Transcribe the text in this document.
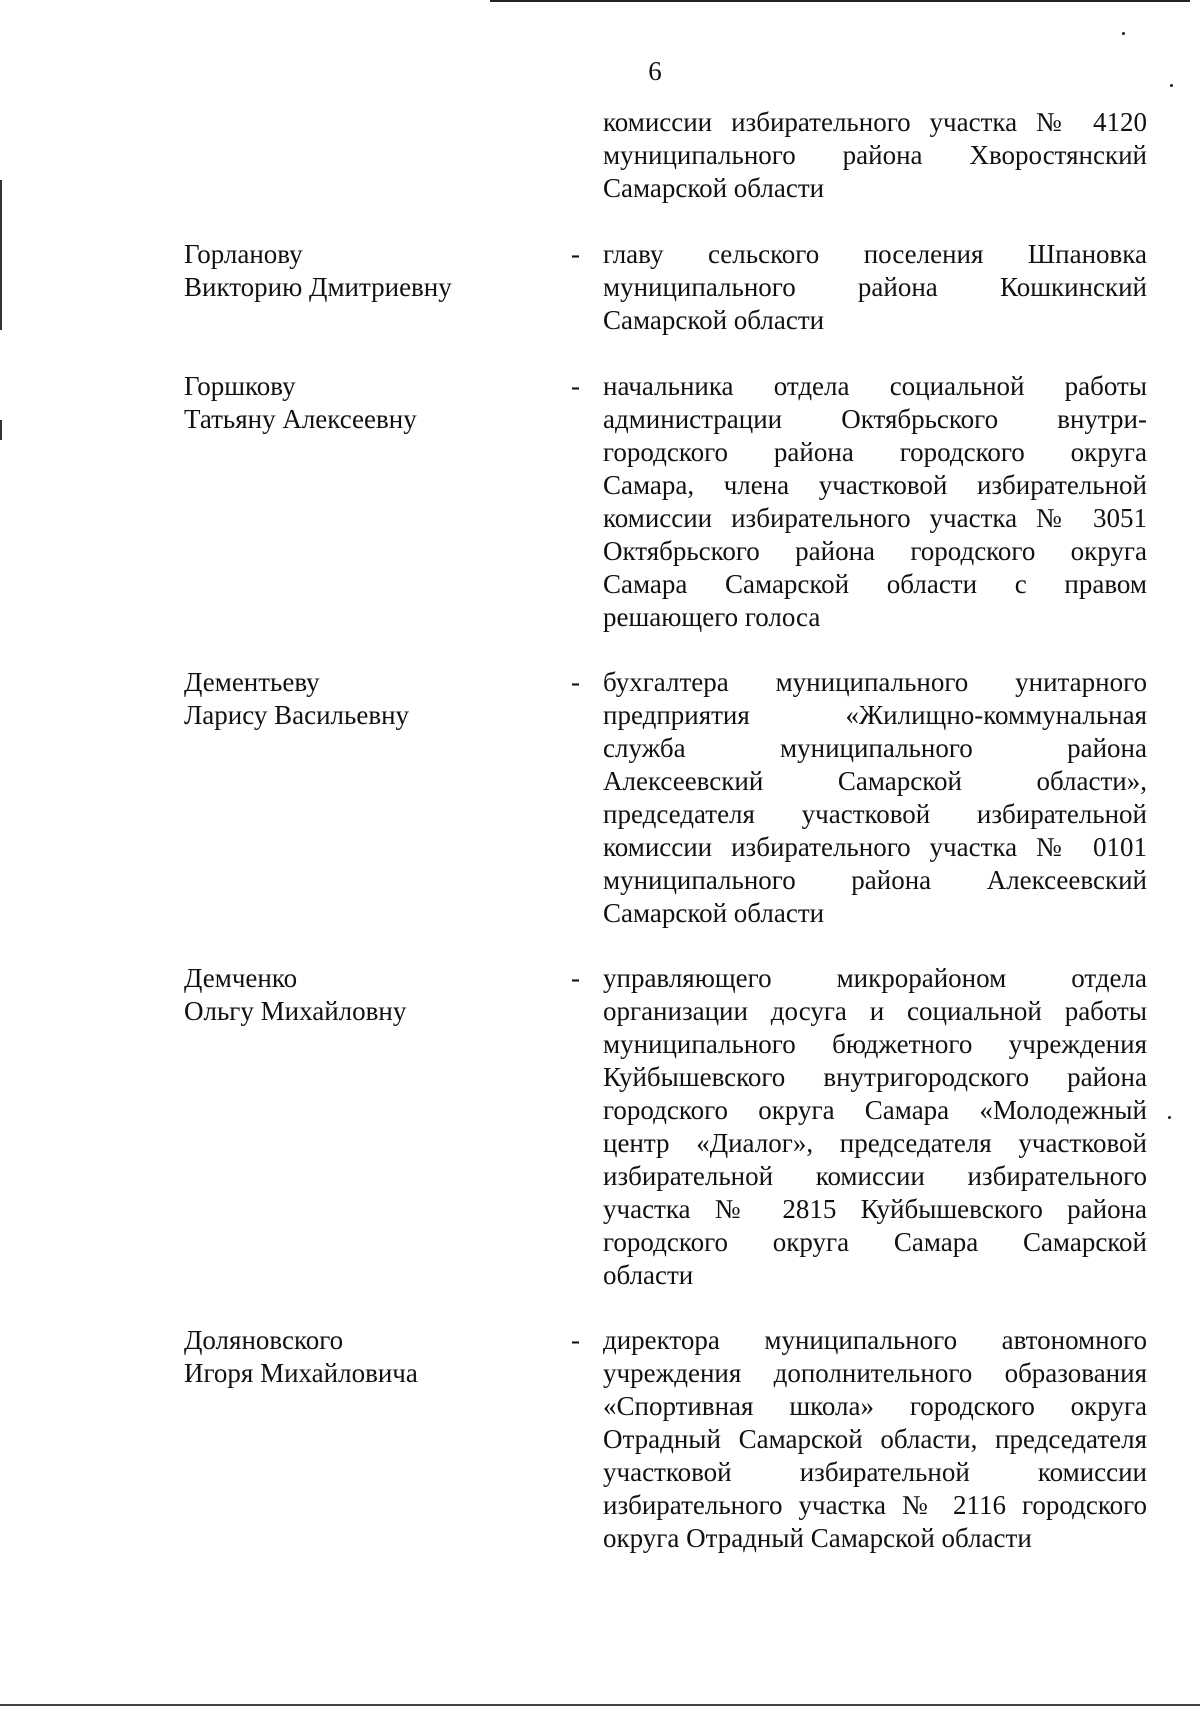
6
комиссии избирательного участка № 4120
муниципального района Хворостянский
Самарской области
Горланову
Викторию Дмитриевну
- главу сельского поселения Шпановка
муниципального района Кошкинский
Самарской области
Горшкову
Татьяну Алексеевну
- начальника отдела социальной работы
администрации Октябрьского внутри-
городского района городского округа
Самара, члена участковой избирательной
комиссии избирательного участка № 3051
Октябрьского района городского округа
Самара Самарской области с правом
решающего голоса
Дементьеву
Ларису Васильевну
- бухгалтера муниципального унитарного
предприятия «Жилищно-коммунальная
служба муниципального района
Алексеевский Самарской области»,
председателя участковой избирательной
комиссии избирательного участка № 0101
муниципального района Алексеевский
Самарской области
Демченко
Ольгу Михайловну
- управляющего микрорайоном отдела
организации досуга и социальной работы
муниципального бюджетного учреждения
Куйбышевского внутригородского района
городского округа Самара «Молодежный
центр «Диалог», председателя участковой
избирательной комиссии избирательного
участка № 2815 Куйбышевского района
городского округа Самара Самарской
области
Доляновского
Игоря Михайловича
- директора муниципального автономного
учреждения дополнительного образования
«Спортивная школа» городского округа
Отрадный Самарской области, председателя
участковой избирательной комиссии
избирательного участка № 2116 городского
округа Отрадный Самарской области
